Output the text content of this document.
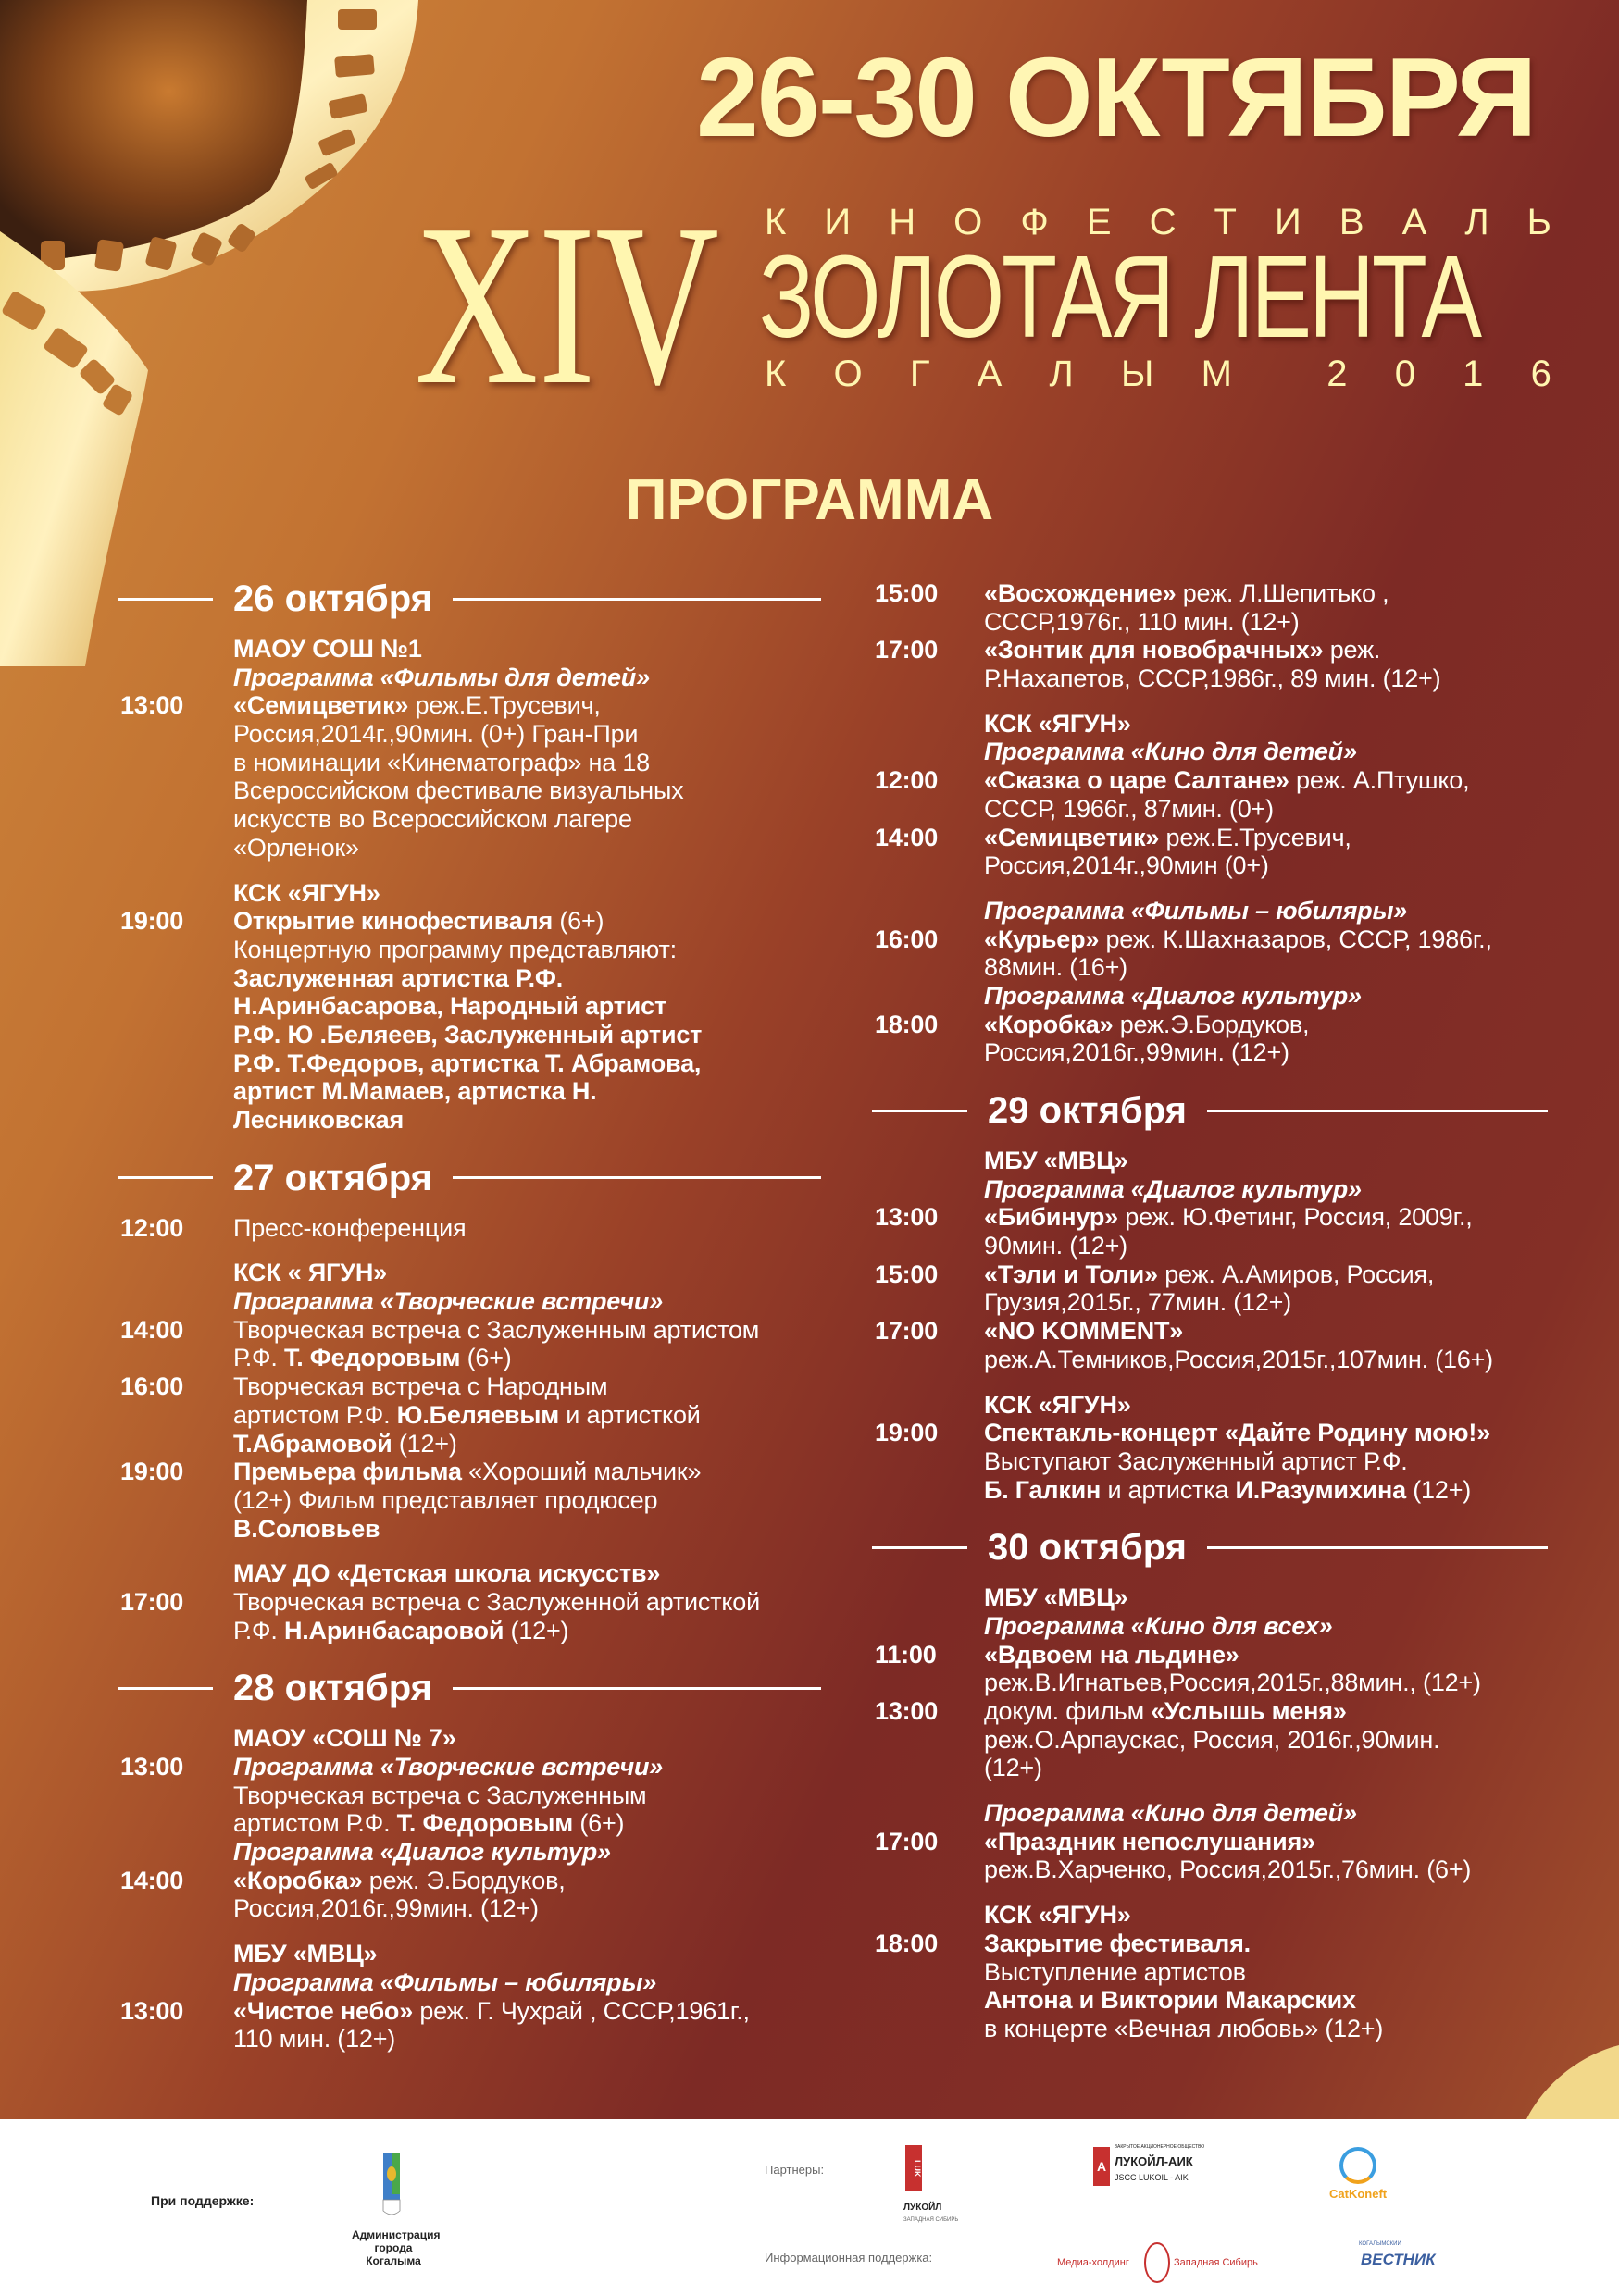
26-30 ОКТЯБРЯ
XIV К И Н О Ф Е С Т И В А Л Ь
ЗОЛОТАЯ ЛЕНТА
К О Г А Л Ы М	2 0 1 6
ПРОГРАММА
26 октября
МАОУ СОШ №1
Программа «Фильмы для детей»
13:00	«Семицветик» реж.Е.Трусевич,
Россия,2014г.,90мин. (0+) Гран-При
в номинации «Кинематограф» на 18
Всероссийском фестивале визуальных
искусств во Всероссийском лагере
«Орленок»
КСК «ЯГУН»
19:00	Открытие кинофестиваля (6+)
Концертную программу представляют:
Заслуженная артистка Р.Ф.
Н.Аринбасарова, Народный артист
Р.Ф. Ю .Беляеев, Заслуженный артист
Р.Ф. Т.Федоров, артистка Т. Абрамова,
артист М.Мамаев, артистка Н.
Лесниковская
27 октября
12:00	Пресс-конференция
КСК « ЯГУН»
Программа «Творческие встречи»
14:00	Творческая встреча с Заслуженным артистом
Р.Ф. Т. Федоровым (6+)
16:00	Творческая встреча с Народным
артистом Р.Ф. Ю.Беляевым и артисткой
Т.Абрамовой (12+)
19:00	Премьера фильма «Хороший мальчик»
(12+) Фильм представляет продюсер
В.Соловьев
МАУ ДО «Детская школа искусств»
17:00	Творческая встреча с Заслуженной артисткой
Р.Ф. Н.Аринбасаровой (12+)
28 октября
МАОУ «СОШ № 7»
13:00	Программа «Творческие встречи»
Творческая встреча с Заслуженным
артистом Р.Ф. Т. Федоровым (6+)
Программа «Диалог культур»
14:00	«Коробка» реж. Э.Бордуков,
Россия,2016г.,99мин. (12+)
МБУ «МВЦ»
Программа «Фильмы – юбиляры»
13:00	«Чистое небо» реж. Г. Чухрай , СССР,1961г.,
110 мин. (12+)
15:00	«Восхождение» реж. Л.Шепитько ,
СССР,1976г., 110 мин. (12+)
17:00	«Зонтик для новобрачных» реж.
Р.Нахапетов, СССР,1986г., 89 мин. (12+)
КСК «ЯГУН»
Программа «Кино для детей»
12:00	«Сказка о царе Салтане» реж. А.Птушко,
СССР, 1966г., 87мин. (0+)
14:00	«Семицветик» реж.Е.Трусевич,
Россия,2014г.,90мин (0+)
Программа «Фильмы – юбиляры»
16:00	«Курьер» реж. К.Шахназаров, СССР, 1986г.,
88мин. (16+)
Программа «Диалог культур»
18:00	«Коробка» реж.Э.Бордуков,
Россия,2016г.,99мин. (12+)
29 октября
МБУ «МВЦ»
Программа «Диалог культур»
13:00	«Бибинур» реж. Ю.Фетинг, Россия, 2009г.,
90мин. (12+)
15:00	«Тэли и Толи» реж. А.Амиров, Россия,
Грузия,2015г., 77мин. (12+)
17:00	«NO KOMMENT»
реж.А.Темников,Россия,2015г.,107мин. (16+)
КСК «ЯГУН»
19:00	Спектакль-концерт «Дайте Родину мою!»
Выступают Заслуженный артист Р.Ф.
Б. Галкин и артистка И.Разумихина (12+)
30 октября
МБУ «МВЦ»
Программа «Кино для всех»
11:00	«Вдвоем на льдине»
реж.В.Игнатьев,Россия,2015г.,88мин., (12+)
13:00	докум. фильм «Услышь меня»
реж.О.Арпаускас, Россия, 2016г.,90мин.
(12+)
Программа «Кино для детей»
17:00	«Праздник непослушания»
реж.В.Харченко, Россия,2015г.,76мин. (6+)
КСК «ЯГУН»
18:00	Закрытие фестиваля.
Выступление артистов
Антона и Виктории Макарских
в концерте «Вечная любовь» (12+)
При поддержке:
Администрация города Когалыма
Партнеры:	LUK
ЛУКОЙЛ
ЗАПАДНАЯ СИБИРЬ
A
ЗАКРЫТОЕ АКЦИОНЕРНОЕ ОБЩЕСТВО
ЛУКОЙЛ-АИК
JSCC LUKOIL - AIK
CatKoneft
Информационная поддержка:	Медиа-холдинг	Западная Сибирь
КОГАЛЫМСКИЙ
ВЕСТНИК
